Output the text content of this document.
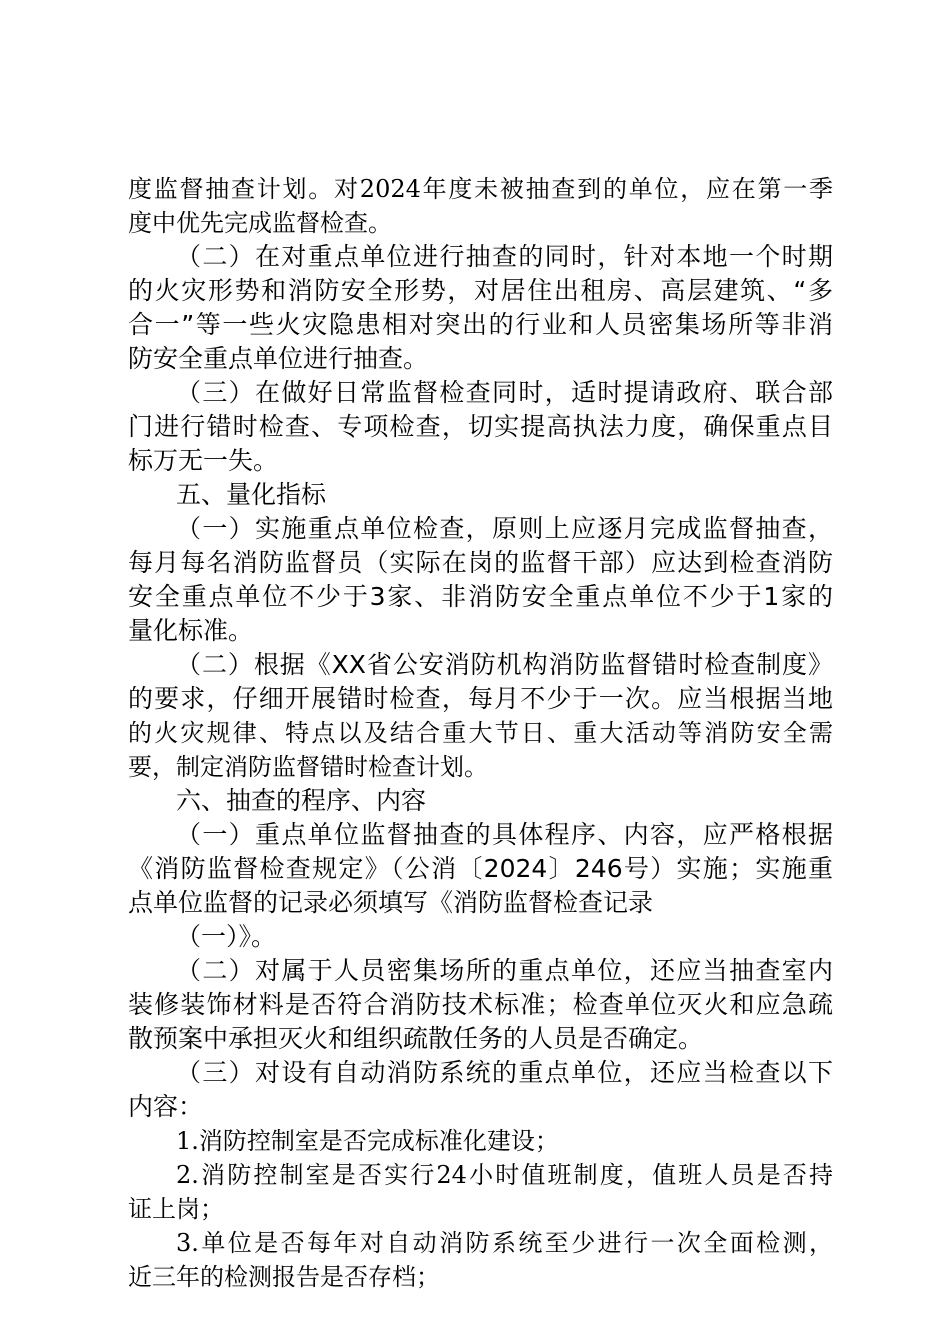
度监督抽查计划。对2024年度未被抽查到的单位，应在第一季
度中优先完成监督检查。
（二）在对重点单位进行抽查的同时，针对本地一个时期
的火灾形势和消防安全形势，对居住出租房、高层建筑、“多
合一”等一些火灾隐患相对突出的行业和人员密集场所等非消
防安全重点单位进行抽查。
（三）在做好日常监督检查同时，适时提请政府、联合部
门进行错时检查、专项检查，切实提高执法力度，确保重点目
标万无一失。
五、量化指标
（一）实施重点单位检查，原则上应逐月完成监督抽查，
每月每名消防监督员（实际在岗的监督干部）应达到检查消防
安全重点单位不少于3家、非消防安全重点单位不少于1家的
量化标准。
（二）根据《XX省公安消防机构消防监督错时检查制度》
的要求，仔细开展错时检查，每月不少于一次。应当根据当地
的火灾规律、特点以及结合重大节日、重大活动等消防安全需
要，制定消防监督错时检查计划。
六、抽查的程序、内容
（一）重点单位监督抽查的具体程序、内容，应严格根据
《消防监督检查规定》（公消〔2024〕246号）实施；实施重
点单位监督的记录必须填写《消防监督检查记录
（一）》。
（二）对属于人员密集场所的重点单位，还应当抽查室内
装修装饰材料是否符合消防技术标准；检查单位灭火和应急疏
散预案中承担灭火和组织疏散任务的人员是否确定。
（三）对设有自动消防系统的重点单位，还应当检查以下
内容：
1.消防控制室是否完成标准化建设；
2.消防控制室是否实行24小时值班制度，值班人员是否持
证上岗；
3.单位是否每年对自动消防系统至少进行一次全面检测，
近三年的检测报告是否存档；
